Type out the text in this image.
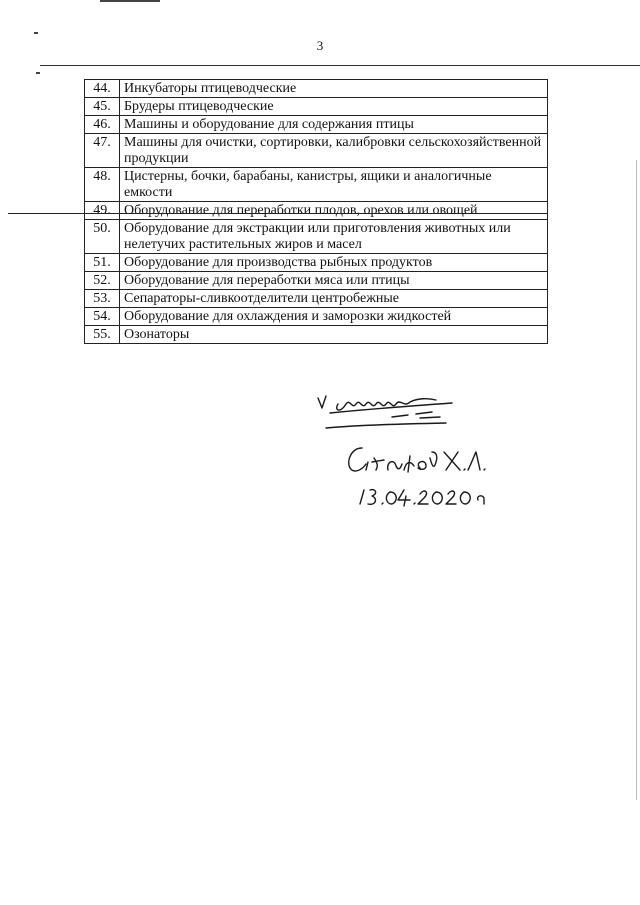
3
44.	Инкубаторы птицеводческие
45.	Брудеры птицеводческие
46.	Машины и оборудование для содержания птицы
47.	Машины для очистки, сортировки, калибровки сельскохозяйственной продукции
48.	Цистерны, бочки, барабаны, канистры, ящики и аналогичные емкости
49.	Оборудование для переработки плодов, орехов или овощей
50.	Оборудование для экстракции или приготовления животных или нелетучих растительных жиров и масел
51.	Оборудование для производства рыбных продуктов
52.	Оборудование для переработки мяса или птицы
53.	Сепараторы-сливкоотделители центробежные
54.	Оборудование для охлаждения и заморозки жидкостей
55.	Озонаторы
